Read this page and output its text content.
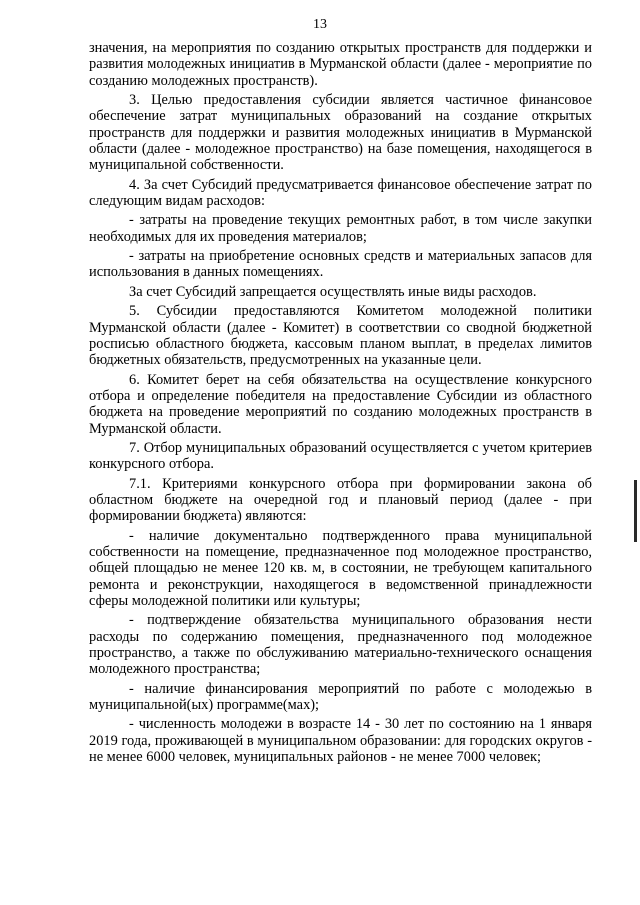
13

значения, на мероприятия по созданию открытых пространств для поддержки и развития молодежных инициатив в Мурманской области (далее - мероприятие по созданию молодежных пространств).

3. Целью предоставления субсидии является частичное финансовое обеспечение затрат муниципальных образований на создание открытых пространств для поддержки и развития молодежных инициатив в Мурманской области (далее - молодежное пространство) на базе помещения, находящегося в муниципальной собственности.

4. За счет Субсидий предусматривается финансовое обеспечение затрат по следующим видам расходов:

- затраты на проведение текущих ремонтных работ, в том числе закупки необходимых для их проведения материалов;

- затраты на приобретение основных средств и материальных запасов для использования в данных помещениях.

За счет Субсидий запрещается осуществлять иные виды расходов.

5. Субсидии предоставляются Комитетом молодежной политики Мурманской области (далее - Комитет) в соответствии со сводной бюджетной росписью областного бюджета, кассовым планом выплат, в пределах лимитов бюджетных обязательств, предусмотренных на указанные цели.

6. Комитет берет на себя обязательства на осуществление конкурсного отбора и определение победителя на предоставление Субсидии из областного бюджета на проведение мероприятий по созданию молодежных пространств в Мурманской области.

7. Отбор муниципальных образований осуществляется с учетом критериев конкурсного отбора.

7.1. Критериями конкурсного отбора при формировании закона об областном бюджете на очередной год и плановый период (далее - при формировании бюджета) являются:

- наличие документально подтвержденного права муниципальной собственности на помещение, предназначенное под молодежное пространство, общей площадью не менее 120 кв. м, в состоянии, не требующем капитального ремонта и реконструкции, находящегося в ведомственной принадлежности сферы молодежной политики или культуры;

- подтверждение обязательства муниципального образования нести расходы по содержанию помещения, предназначенного под молодежное пространство, а также по обслуживанию материально-технического оснащения молодежного пространства;

- наличие финансирования мероприятий по работе с молодежью в муниципальной(ых) программе(мах);

- численность молодежи в возрасте 14 - 30 лет по состоянию на 1 января 2019 года, проживающей в муниципальном образовании: для городских округов - не менее 6000 человек, муниципальных районов - не менее 7000 человек;
